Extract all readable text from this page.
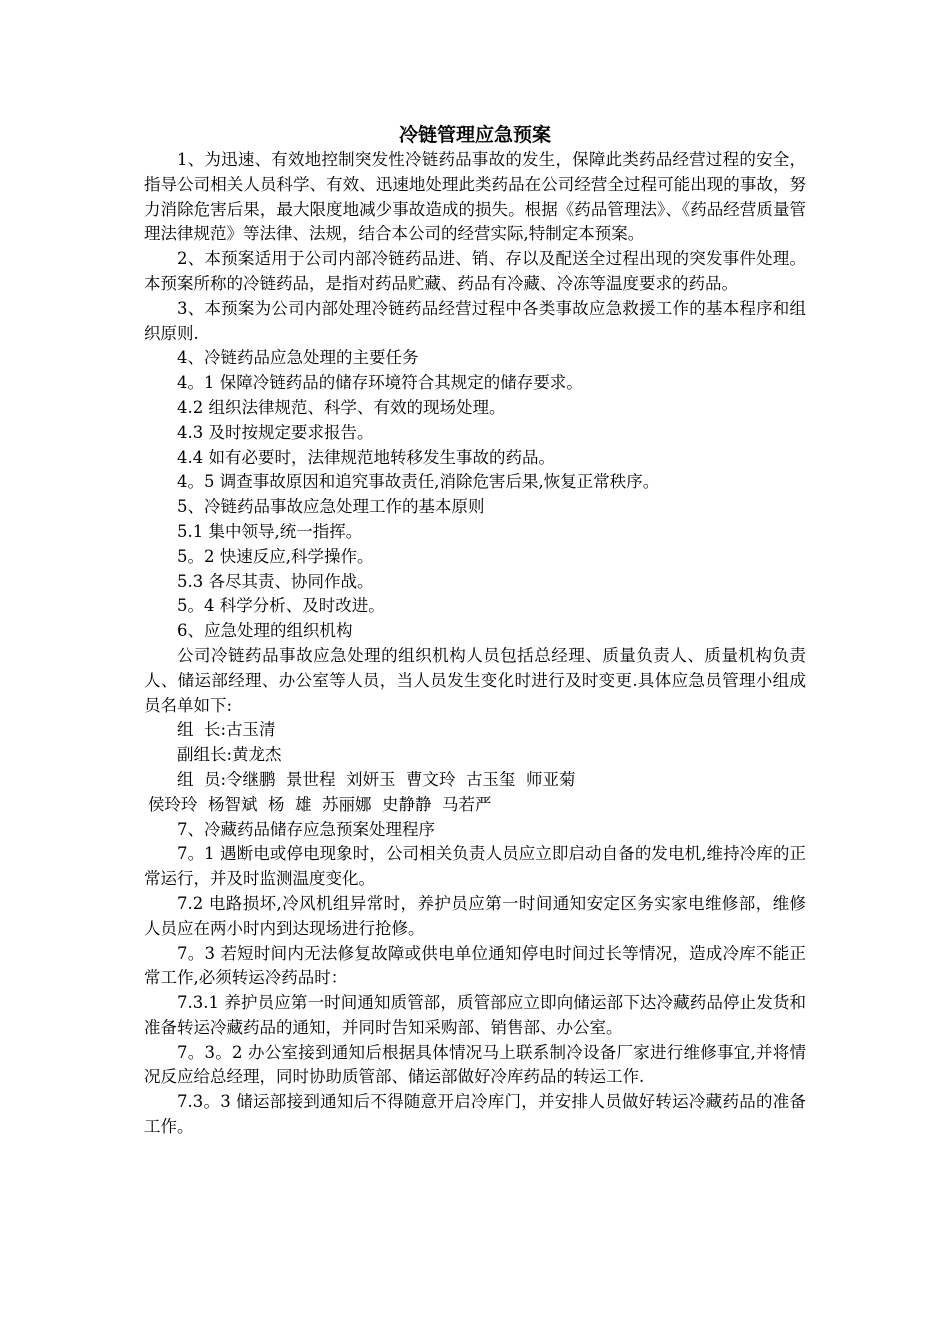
冷链管理应急预案

1、为迅速、有效地控制突发性冷链药品事故的发生，保障此类药品经营过程的安全，指导公司相关人员科学、有效、迅速地处理此类药品在公司经营全过程可能出现的事故，努力消除危害后果，最大限度地减少事故造成的损失。根据《药品管理法》、《药品经营质量管理法律规范》等法律、法规，结合本公司的经营实际,特制定本预案。

2、本预案适用于公司内部冷链药品进、销、存以及配送全过程出现的突发事件处理。本预案所称的冷链药品，是指对药品贮藏、药品有冷藏、冷冻等温度要求的药品。

3、本预案为公司内部处理冷链药品经营过程中各类事故应急救援工作的基本程序和组织原则.

4、冷链药品应急处理的主要任务

4。1 保障冷链药品的储存环境符合其规定的储存要求。

4.2 组织法律规范、科学、有效的现场处理。

4.3 及时按规定要求报告。

4.4 如有必要时，法律规范地转移发生事故的药品。

4。5 调查事故原因和追究事故责任,消除危害后果,恢复正常秩序。

5、冷链药品事故应急处理工作的基本原则

5.1 集中领导,统一指挥。

5。2 快速反应,科学操作。

5.3 各尽其责、协同作战。

5。4 科学分析、及时改进。

6、应急处理的组织机构

公司冷链药品事故应急处理的组织机构人员包括总经理、质量负责人、质量机构负责人、储运部经理、办公室等人员，当人员发生变化时进行及时变更.具体应急员管理小组成员名单如下:

组  长:古玉清

副组长:黄龙杰

组  员:令继鹏  景世程  刘妍玉  曹文玲  古玉玺  师亚菊

侯玲玲  杨智斌  杨  雄  苏丽娜  史静静  马若严

7、冷藏药品储存应急预案处理程序

7。1 遇断电或停电现象时，公司相关负责人员应立即启动自备的发电机,维持冷库的正常运行，并及时监测温度变化。

7.2 电路损坏,冷风机组异常时，养护员应第一时间通知安定区务实家电维修部，维修人员应在两小时内到达现场进行抢修。

7。3 若短时间内无法修复故障或供电单位通知停电时间过长等情况，造成冷库不能正常工作,必须转运冷药品时：

7.3.1 养护员应第一时间通知质管部，质管部应立即向储运部下达冷藏药品停止发货和准备转运冷藏药品的通知，并同时告知采购部、销售部、办公室。

7。3。2 办公室接到通知后根据具体情况马上联系制冷设备厂家进行维修事宜,并将情况反应给总经理，同时协助质管部、储运部做好冷库药品的转运工作.

7.3。3 储运部接到通知后不得随意开启冷库门，并安排人员做好转运冷藏药品的准备工作。
